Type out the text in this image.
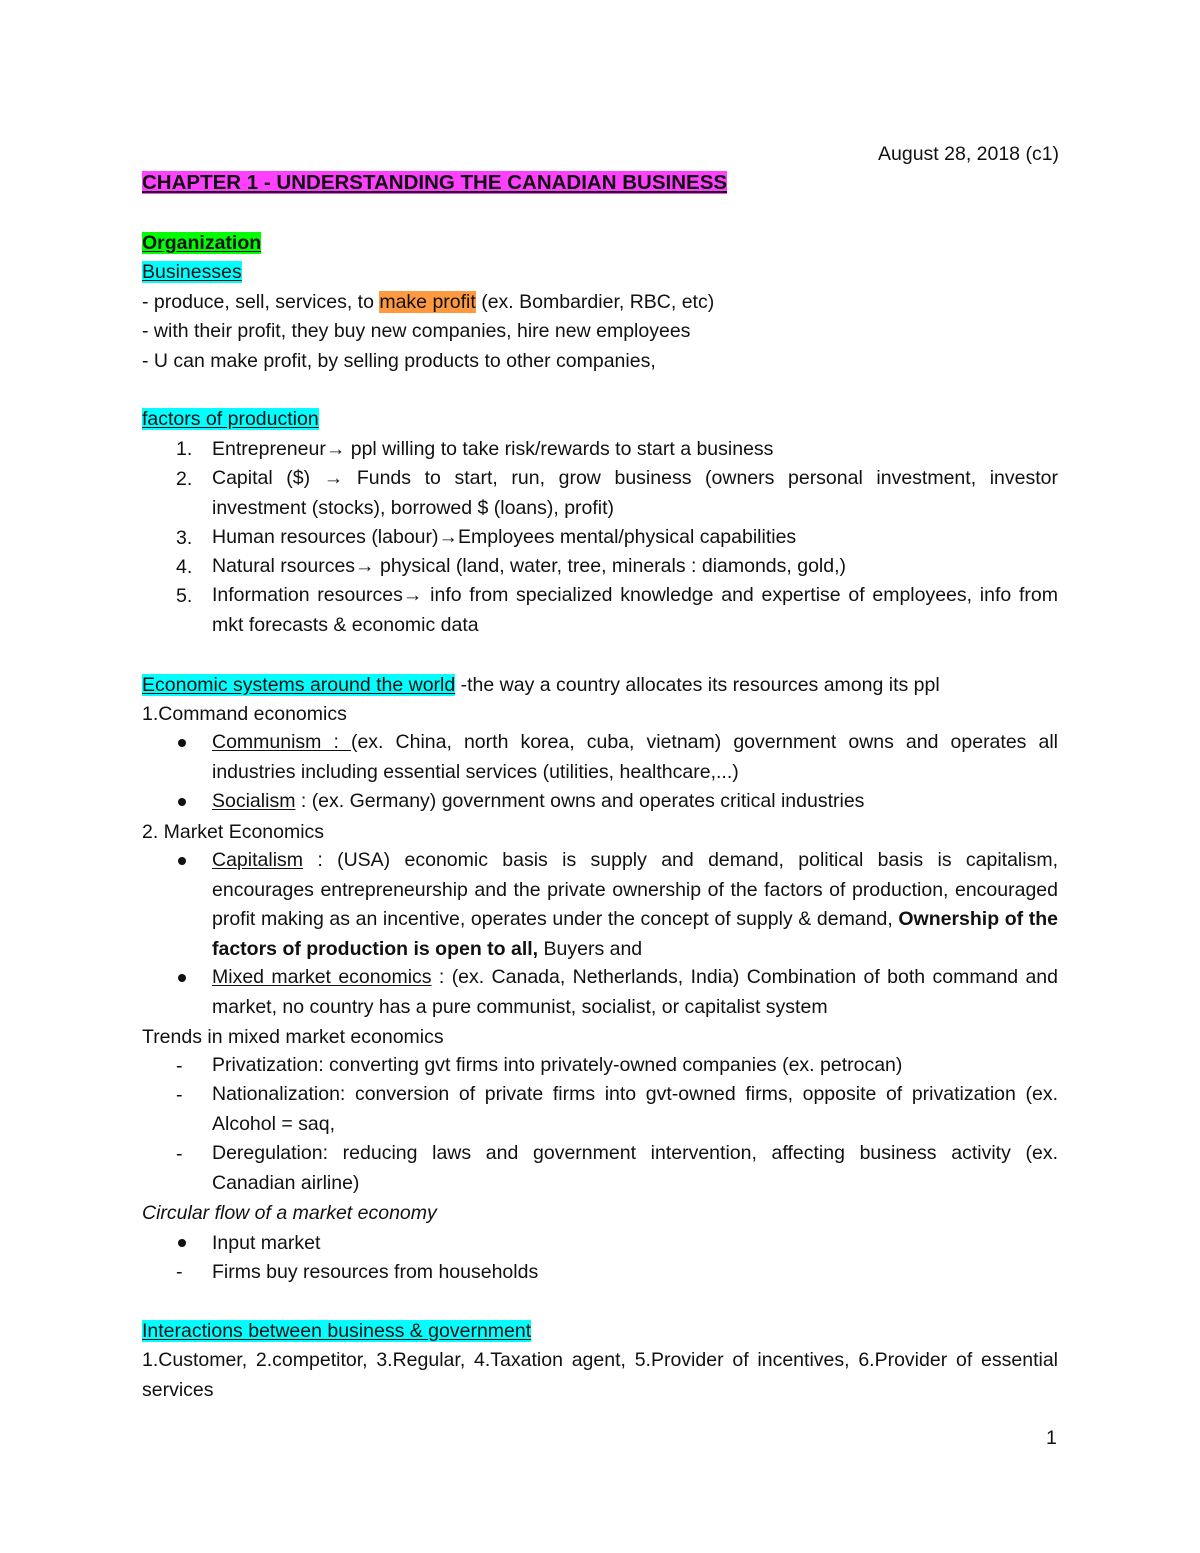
August 28, 2018 (c1)
CHAPTER 1 - UNDERSTANDING THE CANADIAN BUSINESS
Organization
Businesses
- produce, sell, services, to make profit (ex. Bombardier, RBC, etc)
- with their profit, they buy new companies, hire new employees
- U can make profit, by selling products to other companies,
factors of production
1.	Entrepreneur→ ppl willing to take risk/rewards to start a business
2.	Capital ($) → Funds to start, run, grow business (owners personal investment, investor investment (stocks), borrowed $ (loans), profit)
3.	Human resources (labour)→Employees mental/physical capabilities
4.	Natural rsources→ physical (land, water, tree, minerals : diamonds, gold,)
5.	Information resources→ info from specialized knowledge and expertise of employees, info from mkt forecasts & economic data
Economic systems around the world -the way a country allocates its resources among its ppl
1.Command economics
Communism : (ex. China, north korea, cuba, vietnam) government owns and operates all industries including essential services (utilities, healthcare,...)
Socialism : (ex. Germany) government owns and operates critical industries
2. Market Economics
Capitalism : (USA) economic basis is supply and demand, political basis is capitalism, encourages entrepreneurship and the private ownership of the factors of production, encouraged profit making as an incentive, operates under the concept of supply & demand, Ownership of the factors of production is open to all, Buyers and
Mixed market economics : (ex. Canada, Netherlands, India) Combination of both command and market, no country has a pure communist, socialist, or capitalist system
Trends in mixed market economics
-	Privatization: converting gvt firms into privately-owned companies (ex. petrocan)
-	Nationalization: conversion of private firms into gvt-owned firms, opposite of privatization (ex. Alcohol = saq,
-	Deregulation: reducing laws and government intervention, affecting business activity (ex. Canadian airline)
Circular flow of a market economy
Input market
-	Firms buy resources from households
Interactions between business & government
1.Customer, 2.competitor, 3.Regular, 4.Taxation agent, 5.Provider of incentives, 6.Provider of essential services
1
